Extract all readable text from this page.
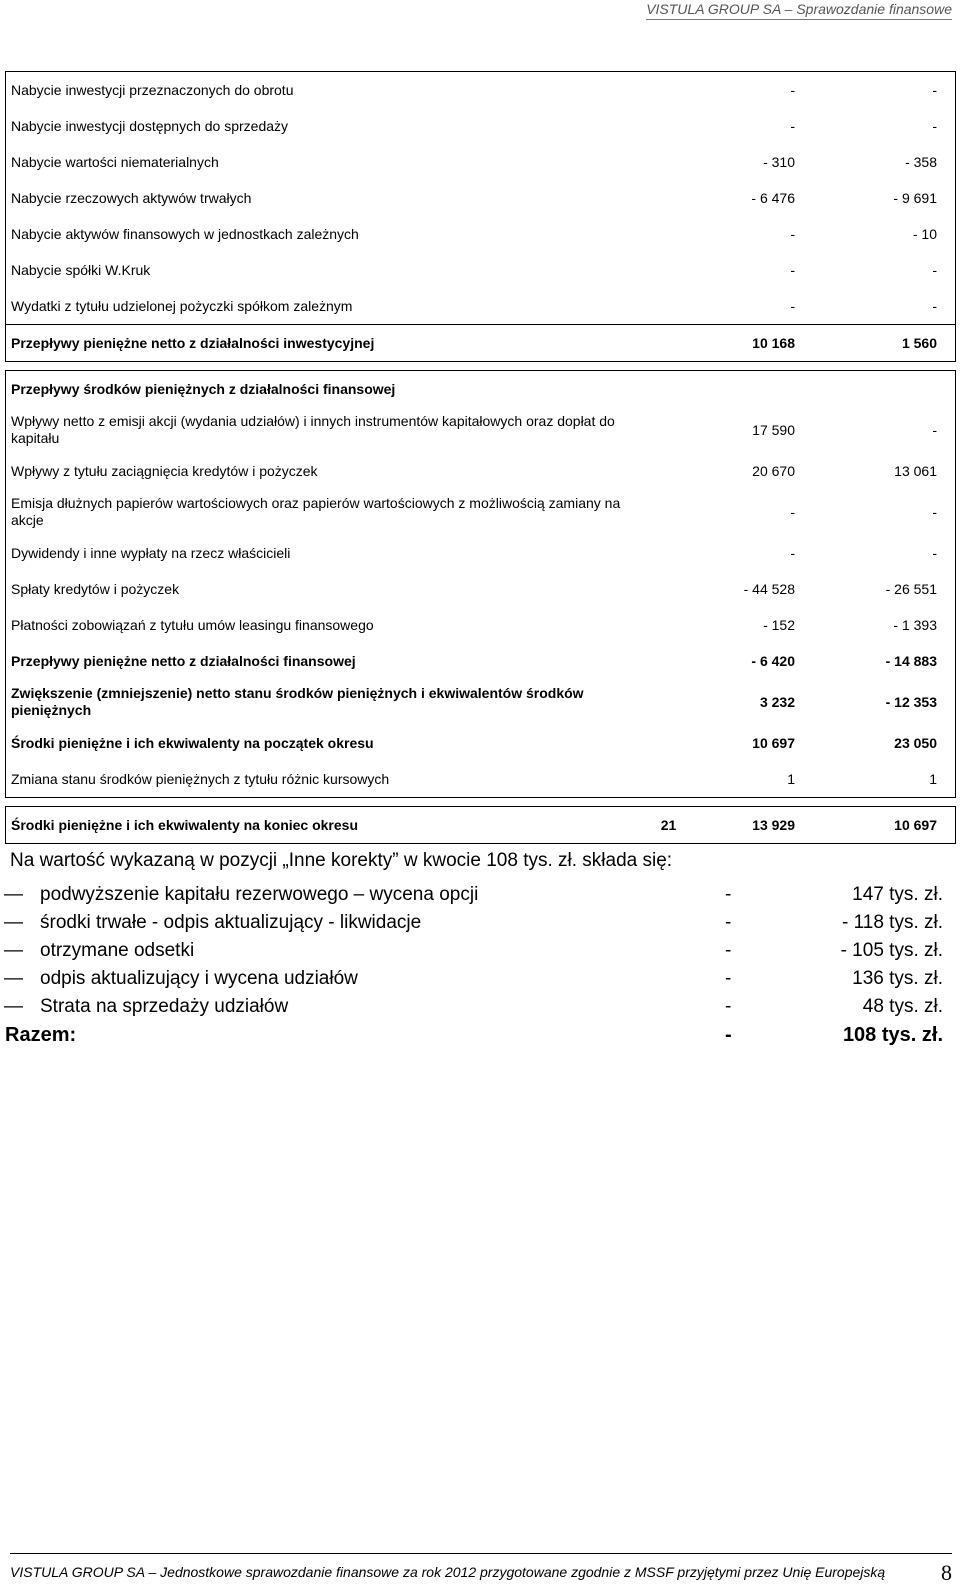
VISTULA GROUP SA – Sprawozdanie finansowe
Nabycie inwestycji przeznaczonych do obrotu		-	-
Nabycie inwestycji dostępnych do sprzedaży		-	-
Nabycie wartości niematerialnych		- 310	- 358
Nabycie rzeczowych aktywów trwałych		- 6 476	- 9 691
Nabycie aktywów finansowych w jednostkach zależnych		-	- 10
Nabycie spółki W.Kruk		-	-
Wydatki z tytułu udzielonej pożyczki spółkom zależnym		-	-
Przepływy pieniężne netto z działalności inwestycyjnej		10 168	1 560

Przepływy środków pieniężnych z działalności finansowej			
Wpływy netto z emisji akcji (wydania udziałów) i innych instrumentów kapitałowych oraz dopłat do kapitału		17 590	-
Wpływy z tytułu zaciągnięcia kredytów i pożyczek		20 670	13 061
Emisja dłużnych papierów wartościowych oraz papierów wartościowych z możliwością zamiany na akcje		-	-
Dywidendy i inne wypłaty na rzecz właścicieli		-	-
Spłaty kredytów i pożyczek		- 44 528	- 26 551
Płatności zobowiązań z tytułu umów leasingu finansowego		- 152	- 1 393
Przepływy pieniężne netto z działalności finansowej		- 6 420	- 14 883
Zwiększenie (zmniejszenie) netto stanu środków pieniężnych i ekwiwalentów środków pieniężnych		3 232	- 12 353
Środki pieniężne i ich ekwiwalenty na początek okresu		10 697	23 050
Zmiana stanu środków pieniężnych z tytułu różnic kursowych		1	1

Środki pieniężne i ich ekwiwalenty na koniec okresu	21	13 929	10 697
Na wartość wykazaną w pozycji „Inne korekty” w kwocie 108 tys. zł. składa się:
— podwyższenie kapitału rezerwowego – wycena opcji	-	147 tys. zł.
— środki trwałe - odpis aktualizujący - likwidacje	-	- 118 tys. zł.
— otrzymane odsetki	-	- 105 tys. zł.
— odpis aktualizujący i wycena udziałów	-	136 tys. zł.
— Strata na sprzedaży udziałów	-	48 tys. zł.
Razem:	-	108 tys. zł.
VISTULA GROUP SA – Jednostkowe sprawozdanie finansowe za rok 2012 przygotowane zgodnie z MSSF przyjętymi przez Unię Europejską	8
